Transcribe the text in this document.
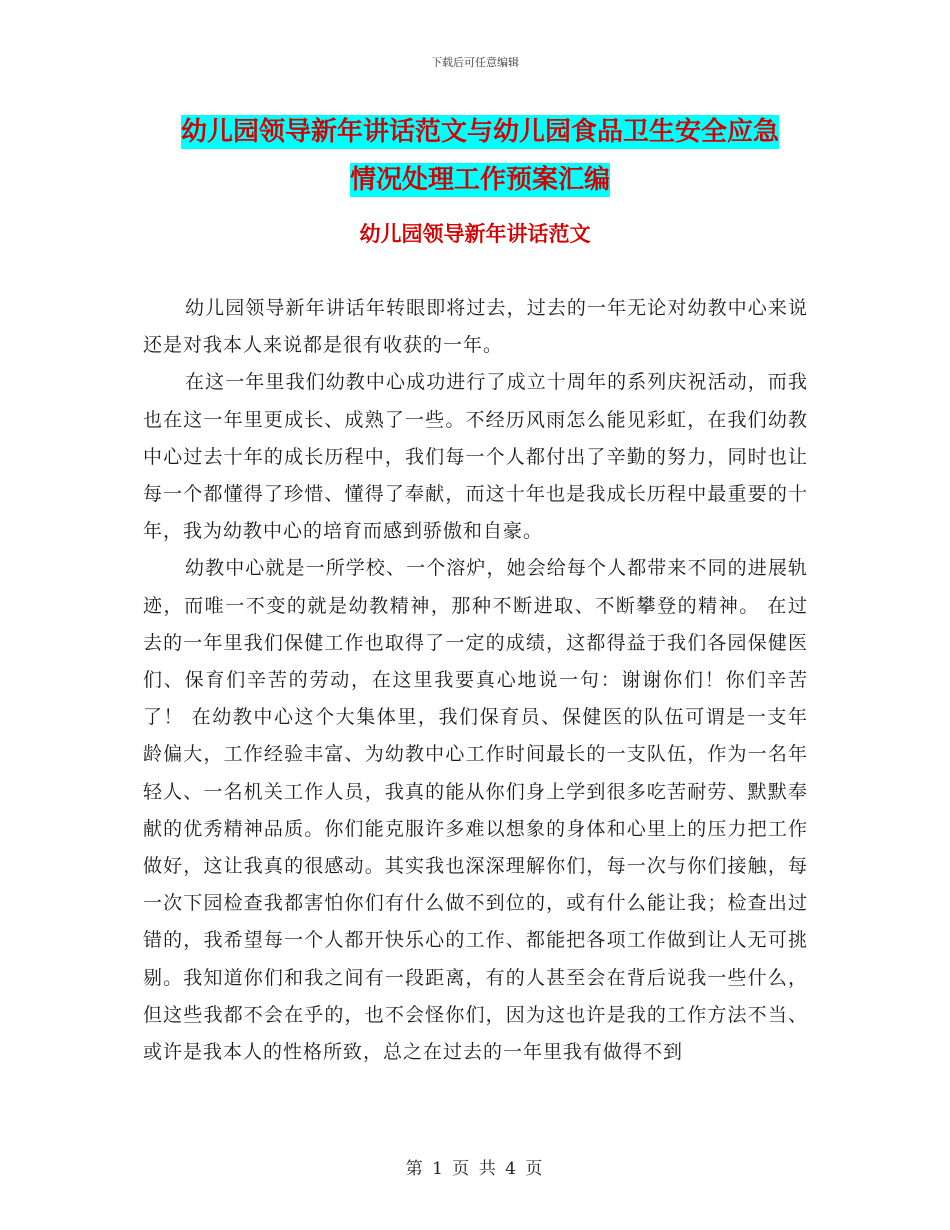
下载后可任意编辑
幼儿园领导新年讲话范文与幼儿园食品卫生安全应急
情况处理工作预案汇编
幼儿园领导新年讲话范文

幼儿园领导新年讲话年转眼即将过去，过去的一年无论对幼教中心来说还是对我本人来说都是很有收获的一年。

在这一年里我们幼教中心成功进行了成立十周年的系列庆祝活动，而我也在这一年里更成长、成熟了一些。不经历风雨怎么能见彩虹，在我们幼教中心过去十年的成长历程中，我们每一个人都付出了辛勤的努力，同时也让每一个都懂得了珍惜、懂得了奉献，而这十年也是我成长历程中最重要的十年，我为幼教中心的培育而感到骄傲和自豪。

幼教中心就是一所学校、一个溶炉，她会给每个人都带来不同的进展轨迹，而唯一不变的就是幼教精神，那种不断进取、不断攀登的精神。 在过去的一年里我们保健工作也取得了一定的成绩，这都得益于我们各园保健医们、保育们辛苦的劳动，在这里我要真心地说一句：谢谢你们！你们辛苦了！ 在幼教中心这个大集体里，我们保育员、保健医的队伍可谓是一支年龄偏大，工作经验丰富、为幼教中心工作时间最长的一支队伍，作为一名年轻人、一名机关工作人员，我真的能从你们身上学到很多吃苦耐劳、默默奉献的优秀精神品质。你们能克服许多难以想象的身体和心里上的压力把工作做好，这让我真的很感动。其实我也深深理解你们，每一次与你们接触，每一次下园检查我都害怕你们有什么做不到位的，或有什么能让我；检查出过错的，我希望每一个人都开快乐心的工作、都能把各项工作做到让人无可挑剔。我知道你们和我之间有一段距离，有的人甚至会在背后说我一些什么，但这些我都不会在乎的，也不会怪你们，因为这也许是我的工作方法不当、或许是我本人的性格所致，总之在过去的一年里我有做得不到

第 1 页 共 4 页
